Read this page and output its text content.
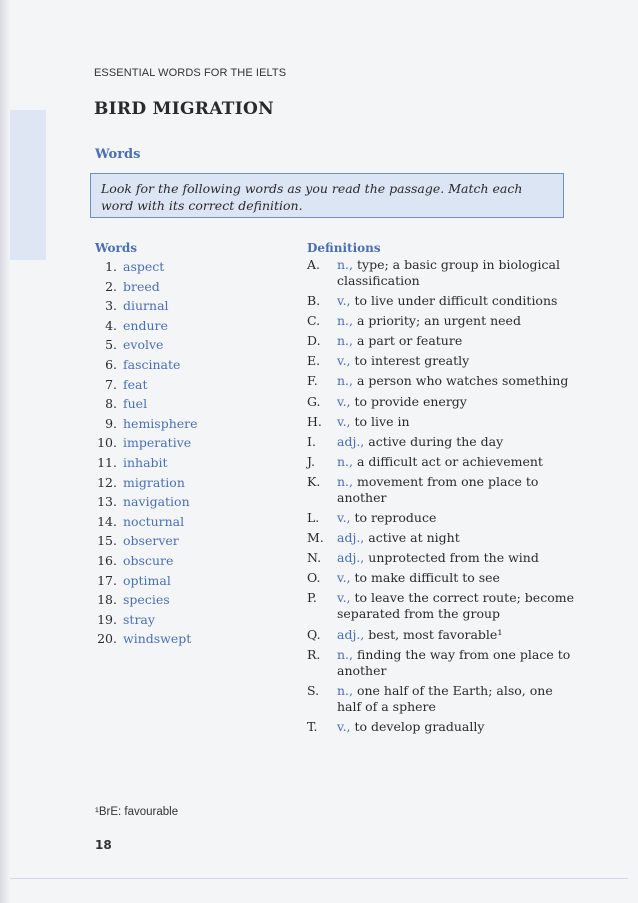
ESSENTIAL WORDS FOR THE IELTS
BIRD MIGRATION
Words
Look for the following words as you read the passage. Match each word with its correct definition.
Words	Definitions
1. aspect
2. breed
3. diurnal
4. endure
5. evolve
6. fascinate
7. feat
8. fuel
9. hemisphere
10. imperative
11. inhabit
12. migration
13. navigation
14. nocturnal
15. observer
16. obscure
17. optimal
18. species
19. stray
20. windswept
A.	n., type; a basic group in biological classification
B.	v., to live under difficult conditions
C.	n., a priority; an urgent need
D.	n., a part or feature
E.	v., to interest greatly
F.	n., a person who watches something
G.	v., to provide energy
H.	v., to live in
I.	adj., active during the day
J.	n., a difficult act or achievement
K.	n., movement from one place to another
L.	v., to reproduce
M.	adj., active at night
N.	adj., unprotected from the wind
O.	v., to make difficult to see
P.	v., to leave the correct route; become separated from the group
Q.	adj., best, most favorable¹
R.	n., finding the way from one place to another
S.	n., one half of the Earth; also, one half of a sphere
T.	v., to develop gradually
¹BrE: favourable
18
